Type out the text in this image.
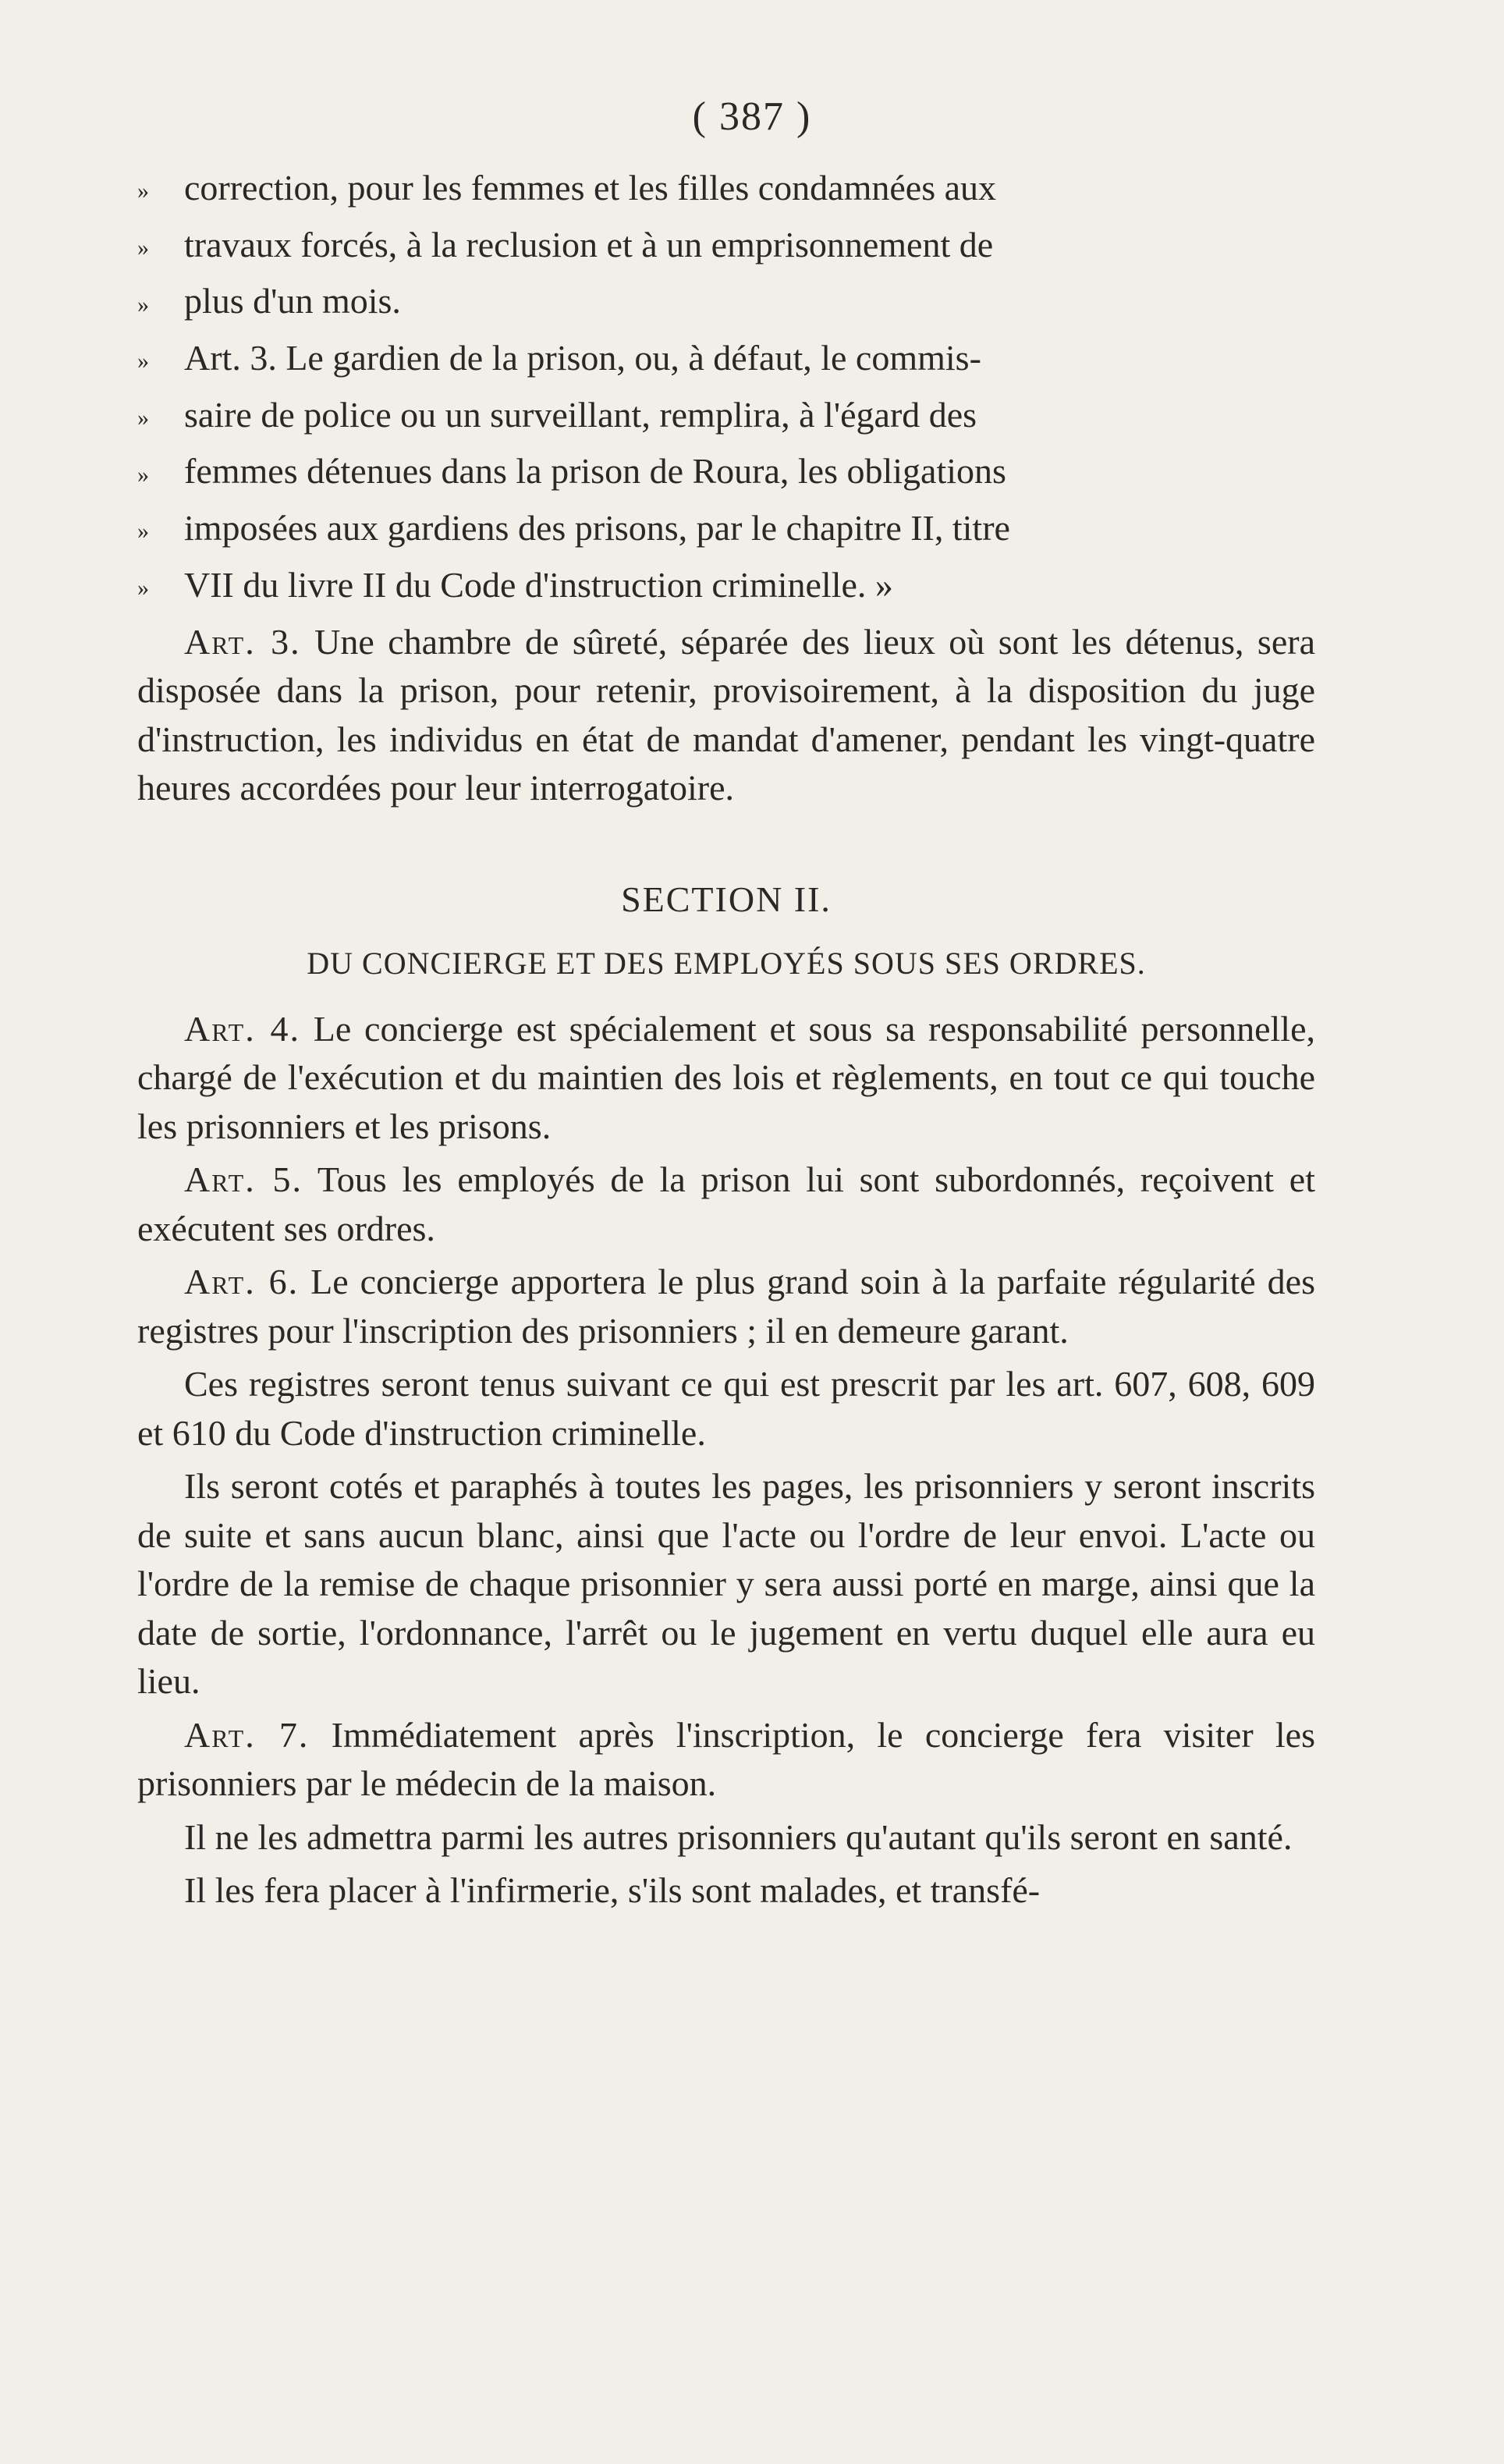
( 387 )
» correction, pour les femmes et les filles condamnées aux
» travaux forcés, à la reclusion et à un emprisonnement de
» plus d'un mois.
» Art. 3. Le gardien de la prison, ou, à défaut, le commis-
» saire de police ou un surveillant, remplira, à l'égard des
» femmes détenues dans la prison de Roura, les obligations
» imposées aux gardiens des prisons, par le chapitre II, titre
» VII du livre II du Code d'instruction criminelle. »

Art. 3. Une chambre de sûreté, séparée des lieux où sont les détenus, sera disposée dans la prison, pour retenir, provisoirement, à la disposition du juge d'instruction, les individus en état de mandat d'amener, pendant les vingt-quatre heures accordées pour leur interrogatoire.

SECTION II.
DU CONCIERGE ET DES EMPLOYÉS SOUS SES ORDRES.

Art. 4. Le concierge est spécialement et sous sa responsabilité personnelle, chargé de l'exécution et du maintien des lois et règlements, en tout ce qui touche les prisonniers et les prisons.

Art. 5. Tous les employés de la prison lui sont subordonnés, reçoivent et exécutent ses ordres.

Art. 6. Le concierge apportera le plus grand soin à la parfaite régularité des registres pour l'inscription des prisonniers ; il en demeure garant.

Ces registres seront tenus suivant ce qui est prescrit par les art. 607, 608, 609 et 610 du Code d'instruction criminelle.

Ils seront cotés et paraphés à toutes les pages, les prisonniers y seront inscrits de suite et sans aucun blanc, ainsi que l'acte ou l'ordre de leur envoi. L'acte ou l'ordre de la remise de chaque prisonnier y sera aussi porté en marge, ainsi que la date de sortie, l'ordonnance, l'arrêt ou le jugement en vertu duquel elle aura eu lieu.

Art. 7. Immédiatement après l'inscription, le concierge fera visiter les prisonniers par le médecin de la maison.

Il ne les admettra parmi les autres prisonniers qu'autant qu'ils seront en santé.

Il les fera placer à l'infirmerie, s'ils sont malades, et transfé-
